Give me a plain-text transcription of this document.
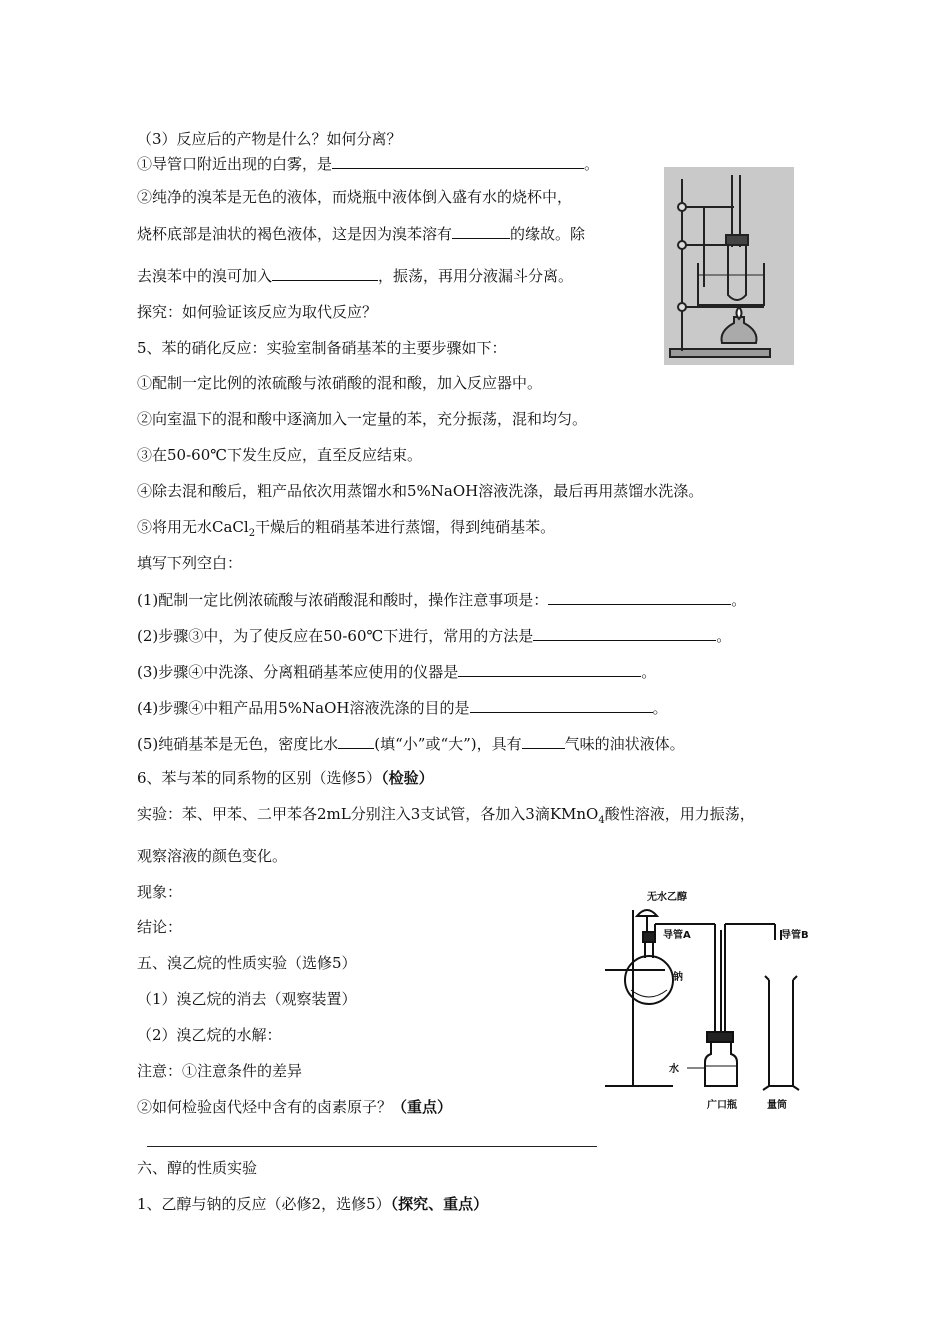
（3）反应后的产物是什么？如何分离？
①导管口附近出现的白雾，是	。
②纯净的溴苯是无色的液体，而烧瓶中液体倒入盛有水的烧杯中，
烧杯底部是油状的褐色液体，这是因为溴苯溶有	的缘故。除
去溴苯中的溴可加入	，振荡，再用分液漏斗分离。
探究：如何验证该反应为取代反应？
5、苯的硝化反应：实验室制备硝基苯的主要步骤如下：
①配制一定比例的浓硫酸与浓硝酸的混和酸，加入反应器中。
②向室温下的混和酸中逐滴加入一定量的苯，充分振荡，混和均匀。
③在50-60℃下发生反应，直至反应结束。
④除去混和酸后，粗产品依次用蒸馏水和5%NaOH溶液洗涤，最后再用蒸馏水洗涤。
⑤将用无水CaCl$_2$干燥后的粗硝基苯进行蒸馏，得到纯硝基苯。
填写下列空白：
(1)配制一定比例浓硫酸与浓硝酸混和酸时，操作注意事项是：	。
(2)步骤③中，为了使反应在50-60℃下进行，常用的方法是	。
(3)步骤④中洗涤、分离粗硝基苯应使用的仪器是	。
(4)步骤④中粗产品用5%NaOH溶液洗涤的目的是	。
(5)纯硝基苯是无色，密度比水 (填“小”或“大”)，具有	气味的油状液体。
6、苯与苯的同系物的区别（选修5）（检验）
实验：苯、甲苯、二甲苯各2mL分别注入3支试管，各加入3滴KMnO$_4$酸性溶液，用力振荡，
观察溶液的颜色变化。
现象：
结论：
五、溴乙烷的性质实验（选修5）
（1）溴乙烷的消去（观察装置）
（2）溴乙烷的水解：
注意：①注意条件的差异
②如何检验卤代烃中含有的卤素原子？（重点）
六、醇的性质实验
1、乙醇与钠的反应（必修2，选修5）（探究、重点）
无水乙醇
导管A	导管B
钠
水
广口瓶	量筒
